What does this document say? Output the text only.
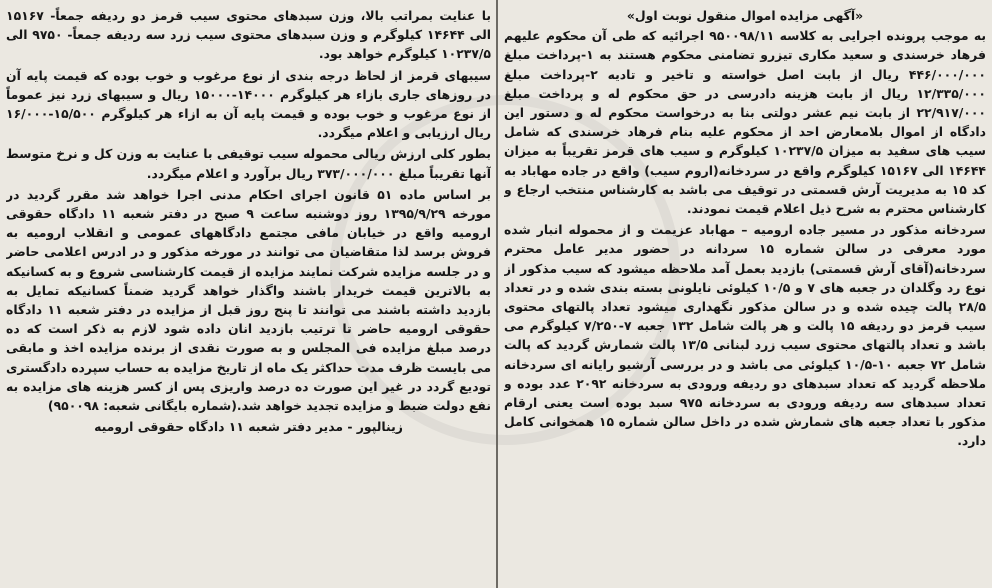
«آگهی مزایده اموال منقول نوبت اول»

به موجب پرونده اجرایی به کلاسه ۹۵۰۰۹۸/۱۱ اجرائیه که طی آن محکوم علیهم فرهاد خرسندی و سعید مکاری تیزرو تضامنی محکوم هستند به ۱-پرداخت مبلغ ۴۴۶/۰۰۰/۰۰۰ ریال از بابت اصل خواسته و تاخیر و تادیه ۲-پرداخت مبلغ ۱۲/۳۳۵/۰۰۰ ریال از بابت هزینه دادرسی در حق محکوم له و پرداخت مبلغ ۲۲/۹۱۷/۰۰۰ از بابت نیم عشر دولتی بنا به درخواست محکوم له و دستور این دادگاه از اموال بلامعارض احد از محکوم علیه بنام فرهاد خرسندی که شامل سیب های سفید به میزان ۱۰۲۳۷/۵ کیلوگرم و سیب های قرمز تقریباً به میزان ۱۴۶۴۴ الی ۱۵۱۶۷ کیلوگرم واقع در سردخانه(اروم سیب) واقع در جاده مهاباد به کد ۱۵ به مدیریت آرش قسمتی در توقیف می باشد به کارشناس منتخب ارجاع و کارشناس محترم به شرح ذیل اعلام قیمت نمودند.

سردخانه مذکور در مسیر جاده ارومیه – مهاباد عزیمت و از محموله انبار شده مورد معرفی در سالن شماره ۱۵ سردانه در حضور مدیر عامل محترم سردخانه(آقای آرش قسمتی) بازدید بعمل آمد ملاحظه میشود که سیب مذکور از نوع رد وگلدان در جعبه های ۷ و ۱۰/۵ کیلوئی نایلونی بسته بندی شده و در تعداد ۲۸/۵ پالت چیده شده و در سالن مذکور نگهداری میشود تعداد پالتهای محتوی سیب قرمز دو ردیفه ۱۵ پالت و هر پالت شامل ۱۳۲ جعبه ۷-۷/۲۵۰ کیلوگرم می باشد و تعداد پالتهای محتوی سیب زرد لبنانی ۱۳/۵ پالت شمارش گردید که پالت شامل ۷۲ جعبه ۱۰-۱۰/۵ کیلوئی می باشد و در بررسی آرشیو رایانه ای سردخانه ملاحظه گردید که تعداد سبدهای دو ردیفه ورودی به سردخانه ۲۰۹۲ عدد بوده و تعداد سبدهای سه ردیفه ورودی به سردخانه ۹۷۵ سبد بوده است یعنی ارقام مذکور با تعداد جعبه های شمارش شده در داخل سالن شماره ۱۵ همخوانی کامل دارد.

با عنایت بمراتب بالا، وزن سبدهای محتوی سیب قرمز دو ردیفه جمعاً- ۱۵۱۶۷ الی ۱۴۶۴۴ کیلوگرم و وزن سبدهای محتوی سیب زرد سه ردیفه جمعاً- ۹۷۵۰ الی ۱۰۲۳۷/۵ کیلوگرم خواهد بود.

سیبهای قرمز از لحاظ درجه بندی از نوع مرغوب و خوب بوده که قیمت پایه آن در روزهای جاری بازاء هر کیلوگرم ۱۴۰۰۰-۱۵۰۰۰ ریال و سیبهای زرد نیز عموماً از نوع مرغوب و خوب بوده و قیمت پایه آن به ازاء هر کیلوگرم ۱۵/۵۰۰-۱۶/۰۰۰ ریال ارزیابی و اعلام میگردد.

بطور کلی ارزش ریالی محموله سیب توقیفی با عنایت به وزن کل و نرخ متوسط آنها تقریباً مبلغ ۳۷۳/۰۰۰/۰۰۰ ریال برآورد و اعلام میگردد.

بر اساس ماده ۵۱ قانون اجرای احکام مدنی اجرا خواهد شد مقرر گردید در مورخه ۱۳۹۵/۹/۲۹ روز دوشنبه ساعت ۹ صبح در دفتر شعبه ۱۱ دادگاه حقوقی ارومیه واقع در خیابان مافی مجتمع دادگاههای عمومی و انقلاب ارومیه به فروش برسد لذا متقاضیان می توانند در مورخه مذکور و در ادرس اعلامی حاضر و در جلسه مزایده شرکت نمایند مزایده از قیمت کارشناسی شروع و به کسانیکه به بالاترین قیمت خریدار باشند واگذار خواهد گردید ضمناً کسانیکه تمایل به بازدید داشته باشند می توانند تا پنج روز قبل از مزایده در دفتر شعبه ۱۱ دادگاه حقوقی ارومیه حاضر تا ترتیب بازدید انان داده شود لازم به ذکر است که ده درصد مبلغ مزایده فی المجلس و به صورت نقدی از برنده مزایده اخذ و مابقی می بایست ظرف مدت حداکثر یک ماه از تاریخ مزایده به حساب سپرده دادگستری تودیع گردد در غیر این صورت ده درصد واریزی پس از کسر هزینه های مزایده به نفع دولت ضبط و مزایده تجدید خواهد شد.(شماره بایگانی شعبه: ۹۵۰۰۹۸)

زینالپور - مدیر دفتر شعبه ۱۱ دادگاه حقوقی ارومیه
